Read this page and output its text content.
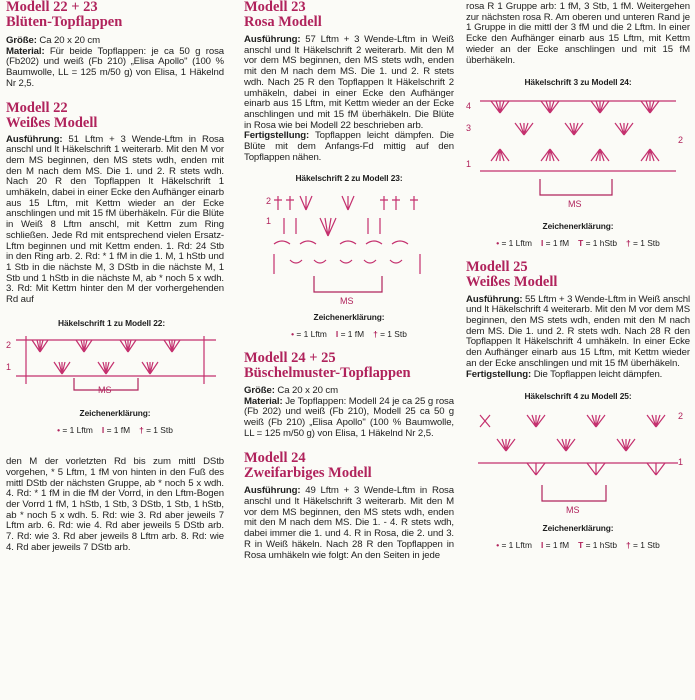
Modell 22 + 23
Blüten-Topflappen

Größe: Ca 20 x 20 cm

Material: Für beide Topflappen: je ca 50 g rosa (Fb202) und weiß (Fb 210) „Elisa Apollo" (100 % Baumwolle, LL = 125 m/50 g) von Elisa, 1 Häkelnd Nr 2,5.

Modell 22
Weißes Modell

Ausführung: 51 Lftm + 3 Wende-Lftm in Rosa anschl und lt Häkelschrift 1 weiterarb. Mit den M vor dem MS beginnen, den MS stets wdh, enden mit den M nach dem MS. Die 1. und 2. R stets wdh. Nach 20 R den Topflappen lt Häkelschrift 1 umhäkeln, dabei in einer Ecke den Aufhänger einarb aus 15 Lftm, mit Kettm wieder an der Ecke anschlingen und mit 15 fM überhäkeln. Für die Blüte in Weiß 8 Lftm anschl, mit Kettm zum Ring schließen. Jede Rd mit entsprechend vielen Ersatz-Lftm beginnen und mit Kettm enden. 1. Rd: 24 Stb in den Ring arb. 2. Rd: * 1 fM in die 1. M, 1 hStb und 1 Stb in die nächste M, 3 DStb in die nächste M, 1 Stb und 1 hStb in die nächste M, ab * noch 5 x wdh. 3. Rd: Mit Kettm hinter den M der vorhergehenden Rd auf

Häkelschrift 1 zu Modell 22:

2
1
MS

Zeichenerklärung:

• = 1 Lftm I = 1 fM † = 1 Stb

den M der vorletzten Rd bis zum mittl DStb vorgehen, * 5 Lftm, 1 fM von hinten in den Fuß des mittl DStb der nächsten Gruppe, ab * noch 5 x wdh. 4. Rd: * 1 fM in die fM der Vorrd, in den Lftm-Bogen der Vorrd 1 fM, 1 hStb, 1 Stb, 3 DStb, 1 Stb, 1 hStb, ab * noch 5 x wdh. 5. Rd: wie 3. Rd aber jeweils 7 Lftm arb. 6. Rd: wie 4. Rd aber jeweils 5 DStb arb. 7. Rd: wie 3. Rd aber jeweils 8 Lftm arb. 8. Rd: wie 4. Rd aber jeweils 7 DStb arb.

Modell 23
Rosa Modell

Ausführung: 57 Lftm + 3 Wende-Lftm in Weiß anschl und lt Häkelschrift 2 weiterarb. Mit den M vor dem MS beginnen, den MS stets wdh, enden mit den M nach dem MS. Die 1. und 2. R stets wdh. Nach 25 R den Topflappen lt Häkelschrift 2 umhäkeln, dabei in einer Ecke den Aufhänger einarb aus 15 Lftm, mit Kettm wieder an der Ecke anschlingen und mit 15 fM überhäkeln. Die Blüte in Rosa wie bei Modell 22 beschrieben arb.

Fertigstellung: Topflappen leicht dämpfen. Die Blüte mit dem Anfangs-Fd mittig auf den Topflappen nähen.

Häkelschrift 2 zu Modell 23:

2
1
MS

Zeichenerklärung:

• = 1 Lftm I = 1 fM † = 1 Stb
Modell 24 + 25
Büschelmuster-Topflappen

Größe: Ca 20 x 20 cm

Material: Je Topflappen: Modell 24 je ca 25 g rosa (Fb 202) und weiß (Fb 210), Modell 25 ca 50 g weiß (Fb 210) „Elisa Apollo" (100 % Baumwolle, LL = 125 m/50 g) von Elisa, 1 Häkelnd Nr 2,5.

Modell 24
Zweifarbiges Modell

Ausführung: 49 Lftm + 3 Wende-Lftm in Rosa anschl und lt Häkelschrift 3 weiterarb. Mit den M vor dem MS beginnen, den MS stets wdh, enden mit den M nach dem MS. Die 1. - 4. R stets wdh, dabei immer die 1. und 4. R in Rosa, die 2. und 3. R in Weiß häkeln. Nach 28 R den Topflappen in Rosa umhäkeln wie folgt: An den Seiten in jede

rosa R 1 Gruppe arb: 1 fM, 3 Stb, 1 fM. Weitergehen zur nächsten rosa R. Am oberen und unteren Rand je 1 Gruppe in die mittl der 3 fM und die 2 Lftm. In einer Ecke den Aufhänger einarb aus 15 Lftm, mit Kettm wieder an der Ecke anschlingen und mit 15 fM überhäkeln.

Häkelschrift 3 zu Modell 24:

4
3
2
1
MS

Zeichenerklärung:

• = 1 Lftm I = 1 fM T = 1 hStb † = 1 Stb
Modell 25
Weißes Modell

Ausführung: 55 Lftm + 3 Wende-Lftm in Weiß anschl und lt Häkelschrift 4 weiterarb. Mit den M vor dem MS beginnen, den MS stets wdh, enden mit den M nach dem MS. Die 1. und 2. R stets wdh. Nach 28 R den Topflappen lt Häkelschrift 4 umhäkeln. In einer Ecke den Aufhänger einarb aus 15 Lftm, mit Kettm wieder an der Ecke anschlingen und mit 15 fM überhäkeln.

Fertigstellung: Die Topflappen leicht dämpfen.

Häkelschrift 4 zu Modell 25:

2
1
MS

Zeichenerklärung:

• = 1 Lftm I = 1 fM T = 1 hStb † = 1 Stb
